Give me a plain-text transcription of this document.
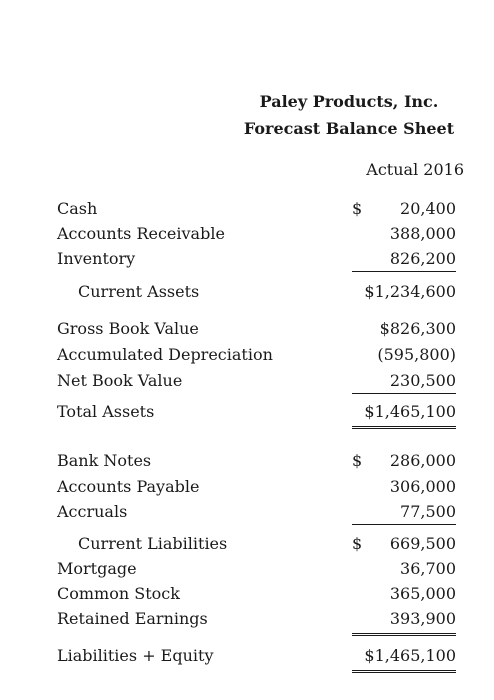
Paley Products, Inc.
Forecast Balance Sheet
Actual 2016
Cash	$ 20,400
Accounts Receivable	388,000
Inventory	826,200
Current Assets	$1,234,600
Gross Book Value	$826,300
Accumulated Depreciation	(595,800)
Net Book Value	230,500
Total Assets	$1,465,100
Bank Notes	$ 286,000
Accounts Payable	306,000
Accruals	77,500
Current Liabilities	$ 669,500
Mortgage	36,700
Common Stock	365,000
Retained Earnings	393,900
Liabilities + Equity	$1,465,100
